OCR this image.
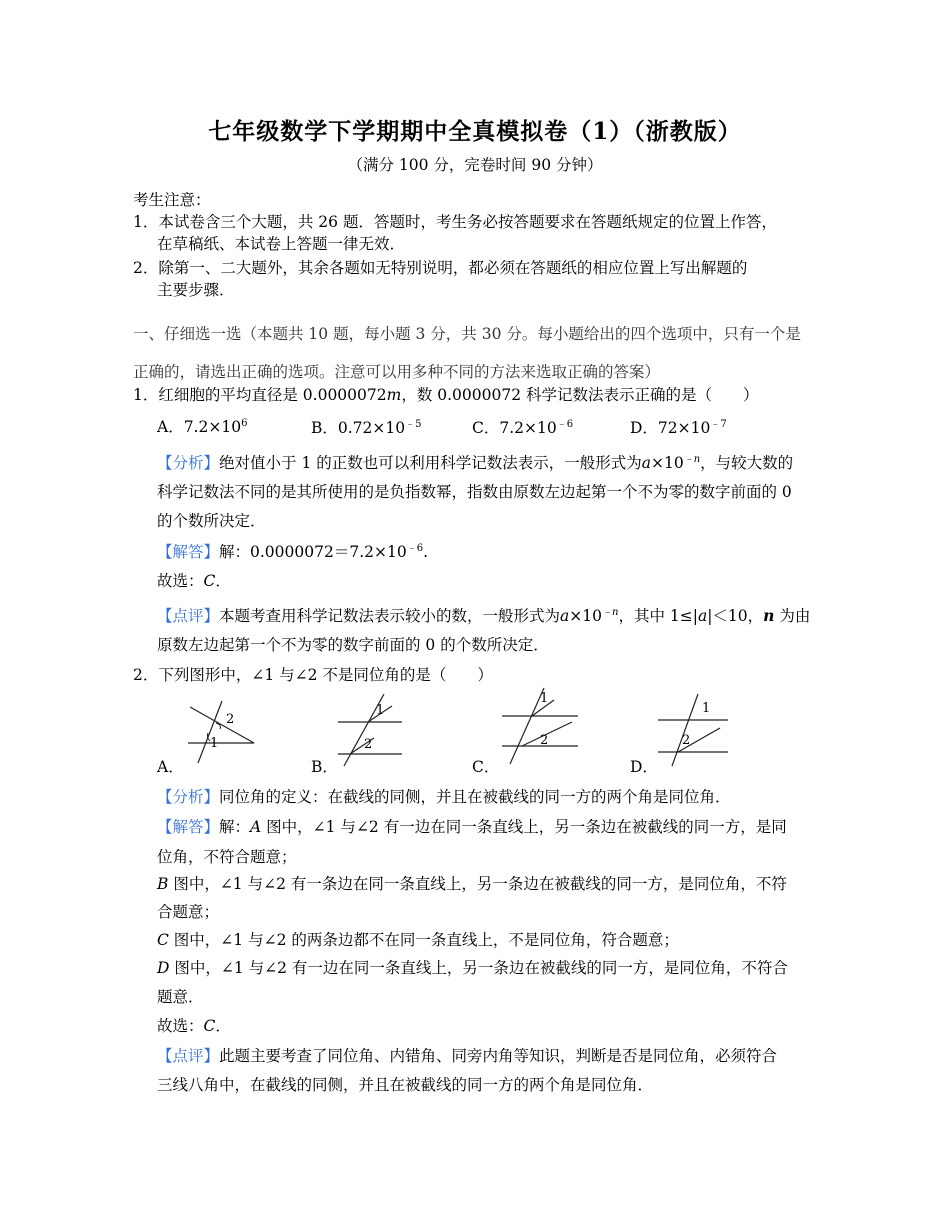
七年级数学下学期期中全真模拟卷（1）（浙教版）
（满分 100 分，完卷时间 90 分钟）
考生注意：
1．本试卷含三个大题，共 26 题．答题时，考生务必按答题要求在答题纸规定的位置上作答，
在草稿纸、本试卷上答题一律无效．
2．除第一、二大题外，其余各题如无特别说明，都必须在答题纸的相应位置上写出解题的
主要步骤．
一、仔细选一选（本题共 10 题，每小题 3 分，共 30 分。每小题给出的四个选项中，只有一个是
正确的，请选出正确的选项。注意可以用多种不同的方法来选取正确的答案）
1．红细胞的平均直径是 0.0000072m，数 0.0000072 科学记数法表示正确的是（　　）
A．$7.2\times 10^6$	B．$0.72\times 10^{﹣5}$	C．$7.2\times 10^{﹣6}$	D．$72\times 10^{﹣7}$
【分析】绝对值小于 1 的正数也可以利用科学记数法表示，一般形式为$a\times 10^{﹣n}$，与较大数的
科学记数法不同的是其所使用的是负指数幂，指数由原数左边起第一个不为零的数字前面的 0
的个数所决定．
【解答】解：$0.0000072=7.2\times 10^{﹣6}$.
故选：C．
【点评】本题考查用科学记数法表示较小的数，一般形式为$a\times 10^{﹣n}$，其中 1≤|a|＜10，n 为由
原数左边起第一个不为零的数字前面的 0 的个数所决定．
2．下列图形中，∠1 与∠2 不是同位角的是（　　）
2
1
A．
1
2
B．
1
2
C．
1
2
D．
【分析】同位角的定义：在截线的同侧，并且在被截线的同一方的两个角是同位角．
【解答】解：A 图中，∠1 与∠2 有一边在同一条直线上，另一条边在被截线的同一方，是同
位角，不符合题意；
B 图中，∠1 与∠2 有一条边在同一条直线上，另一条边在被截线的同一方，是同位角，不符
合题意；
C 图中，∠1 与∠2 的两条边都不在同一条直线上，不是同位角，符合题意；
D 图中，∠1 与∠2 有一边在同一条直线上，另一条边在被截线的同一方，是同位角，不符合
题意．
故选：C．
【点评】此题主要考查了同位角、内错角、同旁内角等知识，判断是否是同位角，必须符合
三线八角中，在截线的同侧，并且在被截线的同一方的两个角是同位角．
